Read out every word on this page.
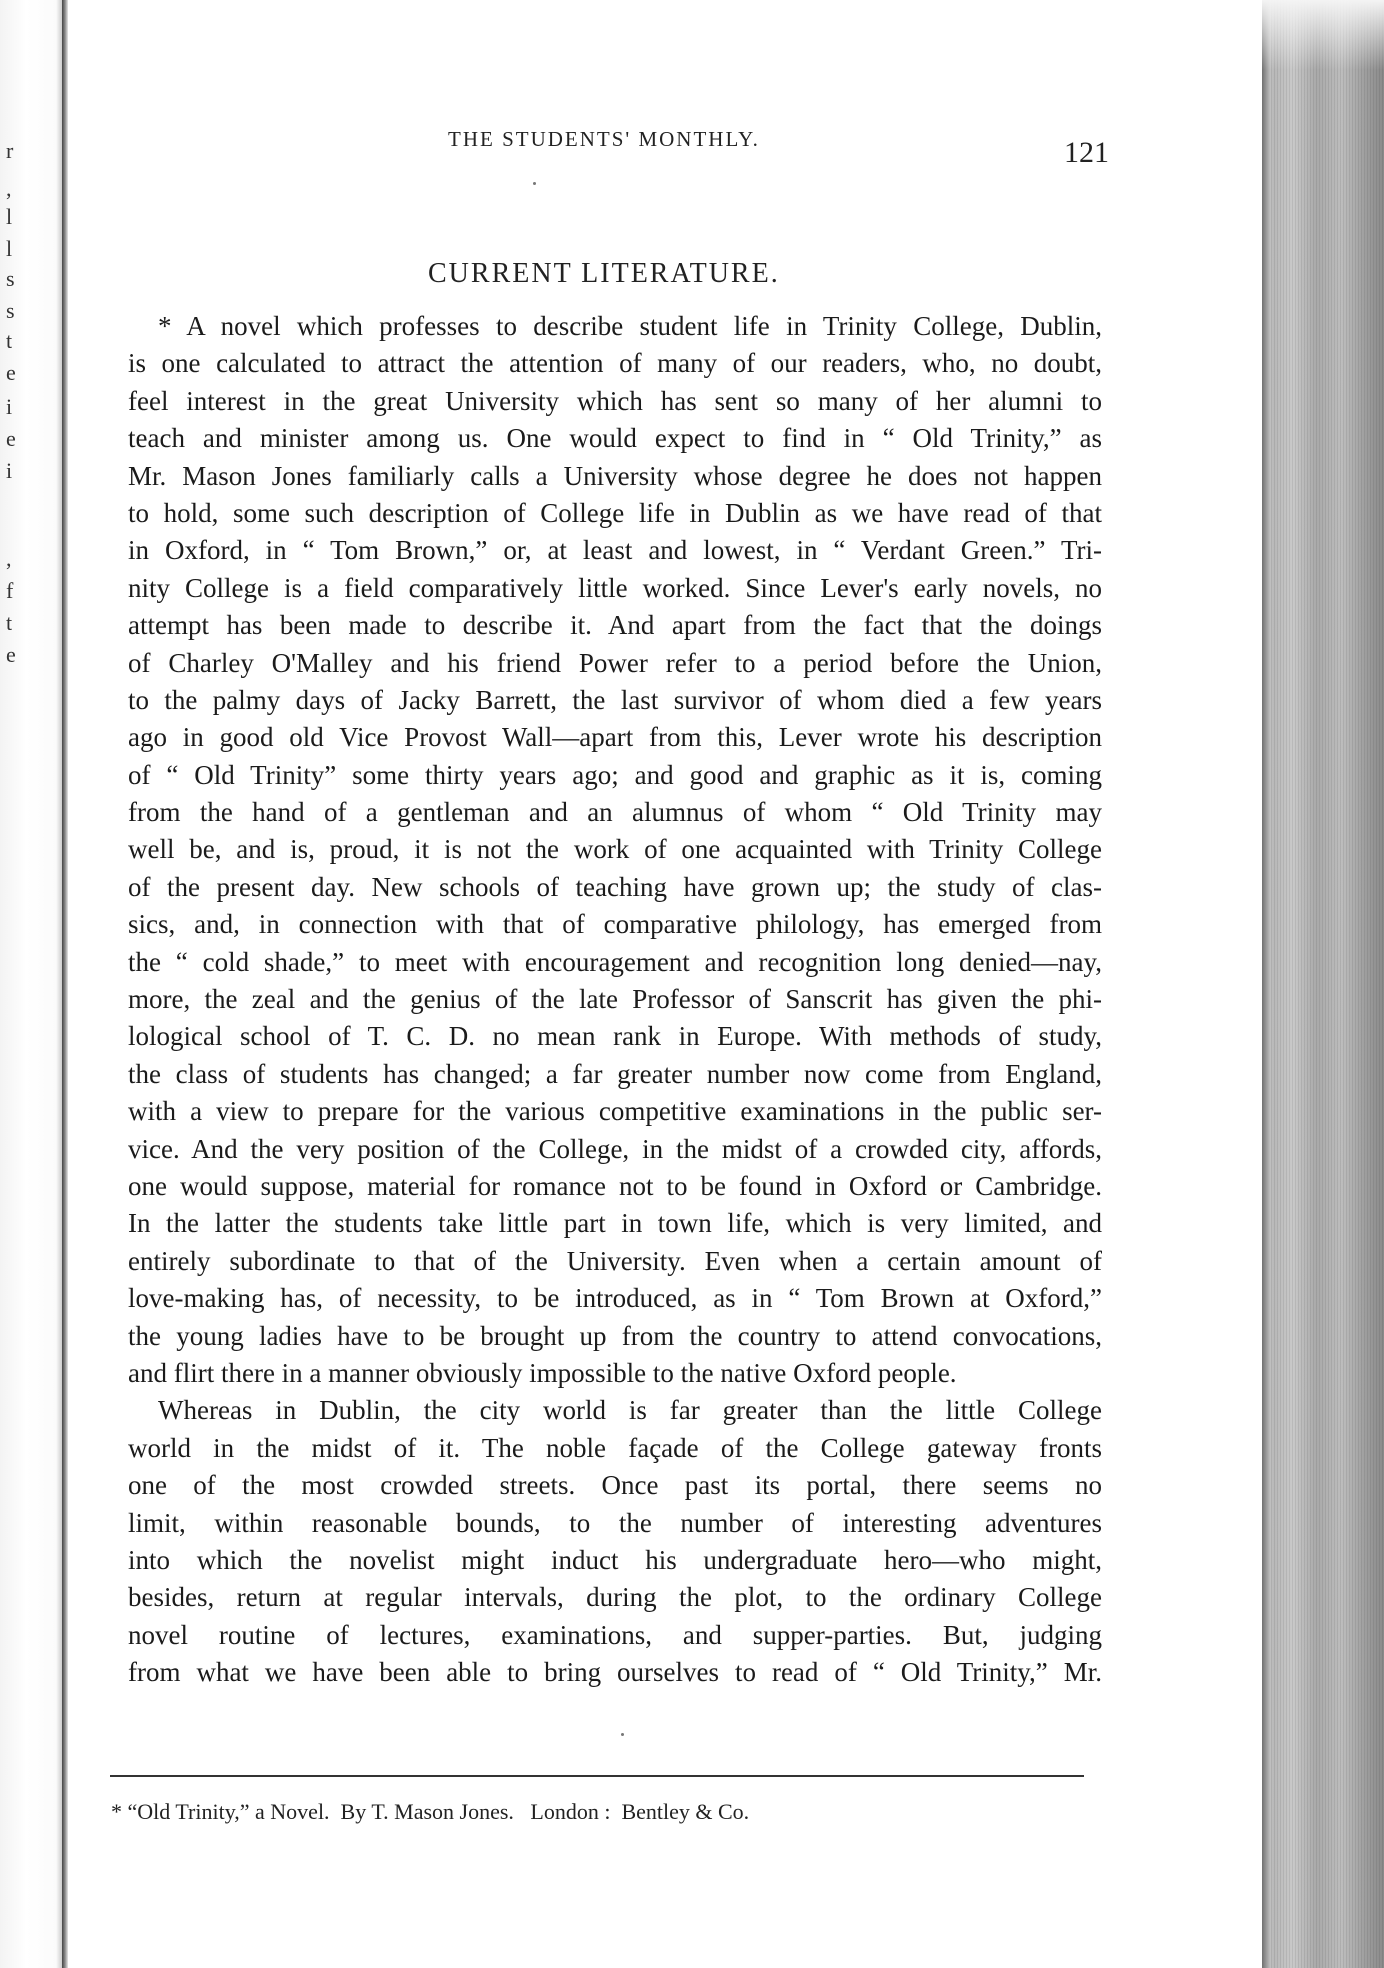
r
,
l
l
s
s
t
e
i
e
i
,
f
t
e
THE STUDENTS' MONTHLY.	121
CURRENT LITERATURE.
* A novel which professes to describe student life in Trinity College, Dublin,
is one calculated to attract the attention of many of our readers, who, no doubt,
feel interest in the great University which has sent so many of her alumni to
teach and minister among us. One would expect to find in “ Old Trinity,” as
Mr. Mason Jones familiarly calls a University whose degree he does not happen
to hold, some such description of College life in Dublin as we have read of that
in Oxford, in “ Tom Brown,” or, at least and lowest, in “ Verdant Green.” Tri-
nity College is a field comparatively little worked. Since Lever's early novels, no
attempt has been made to describe it. And apart from the fact that the doings
of Charley O'Malley and his friend Power refer to a period before the Union,
to the palmy days of Jacky Barrett, the last survivor of whom died a few years
ago in good old Vice Provost Wall—apart from this, Lever wrote his description
of “ Old Trinity” some thirty years ago; and good and graphic as it is, coming
from the hand of a gentleman and an alumnus of whom “ Old Trinity may
well be, and is, proud, it is not the work of one acquainted with Trinity College
of the present day. New schools of teaching have grown up; the study of clas-
sics, and, in connection with that of comparative philology, has emerged from
the “ cold shade,” to meet with encouragement and recognition long denied—nay,
more, the zeal and the genius of the late Professor of Sanscrit has given the phi-
lological school of T. C. D. no mean rank in Europe. With methods of study,
the class of students has changed; a far greater number now come from England,
with a view to prepare for the various competitive examinations in the public ser-
vice. And the very position of the College, in the midst of a crowded city, affords,
one would suppose, material for romance not to be found in Oxford or Cambridge.
In the latter the students take little part in town life, which is very limited, and
entirely subordinate to that of the University. Even when a certain amount of
love-making has, of necessity, to be introduced, as in “ Tom Brown at Oxford,”
the young ladies have to be brought up from the country to attend convocations,
and flirt there in a manner obviously impossible to the native Oxford people.
Whereas in Dublin, the city world is far greater than the little College
world in the midst of it. The noble façade of the College gateway fronts
one of the most crowded streets. Once past its portal, there seems no
limit, within reasonable bounds, to the number of interesting adventures
into which the novelist might induct his undergraduate hero—who might,
besides, return at regular intervals, during the plot, to the ordinary College
novel routine of lectures, examinations, and supper-parties. But, judging
from what we have been able to bring ourselves to read of “ Old Trinity,” Mr.
* “Old Trinity,” a Novel.  By T. Mason Jones.   London :  Bentley & Co.
